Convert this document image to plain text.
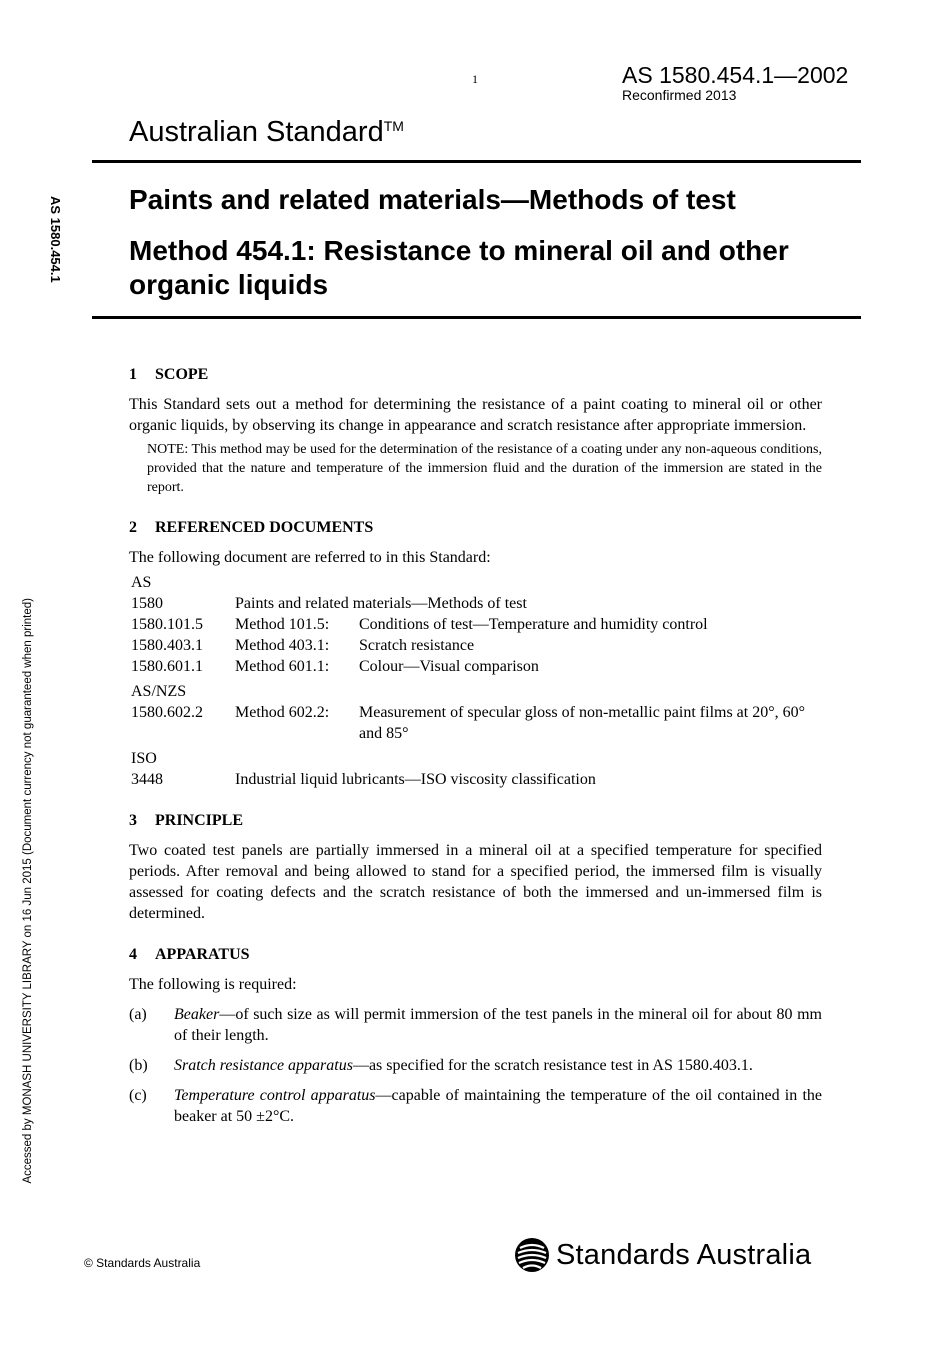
1	AS 1580.454.1—2002
Reconfirmed 2013
Australian Standard™
Paints and related materials—Methods of test
Method 454.1: Resistance to mineral oil and other organic liquids
AS 1580.454.1
Accessed by MONASH UNIVERSITY LIBRARY on 16 Jun 2015 (Document currency not guaranteed when printed)
1 SCOPE

This Standard sets out a method for determining the resistance of a paint coating to mineral oil or other organic liquids, by observing its change in appearance and scratch resistance after appropriate immersion.

NOTE: This method may be used for the determination of the resistance of a coating under any non-aqueous conditions, provided that the nature and temperature of the immersion fluid and the duration of the immersion are stated in the report.

2 REFERENCED DOCUMENTS

The following document are referred to in this Standard:

AS
1580	Paints and related materials—Methods of test
1580.101.5	Method 101.5:	Conditions of test—Temperature and humidity control
1580.403.1	Method 403.1:	Scratch resistance
1580.601.1	Method 601.1:	Colour—Visual comparison
AS/NZS
1580.602.2	Method 602.2:	Measurement of specular gloss of non-metallic paint films at 20°, 60° and 85°
ISO
3448	Industrial liquid lubricants—ISO viscosity classification
3 PRINCIPLE

Two coated test panels are partially immersed in a mineral oil at a specified temperature for specified periods. After removal and being allowed to stand for a specified period, the immersed film is visually assessed for coating defects and the scratch resistance of both the immersed and un-immersed film is determined.

4 APPARATUS

The following is required:

(a)	Beaker—of such size as will permit immersion of the test panels in the mineral oil for about 80 mm of their length.
(b)	Sratch resistance apparatus—as specified for the scratch resistance test in AS 1580.403.1.
(c)	Temperature control apparatus—capable of maintaining the temperature of the oil contained in the beaker at 50 ±2°C.
© Standards Australia	Standards Australia
